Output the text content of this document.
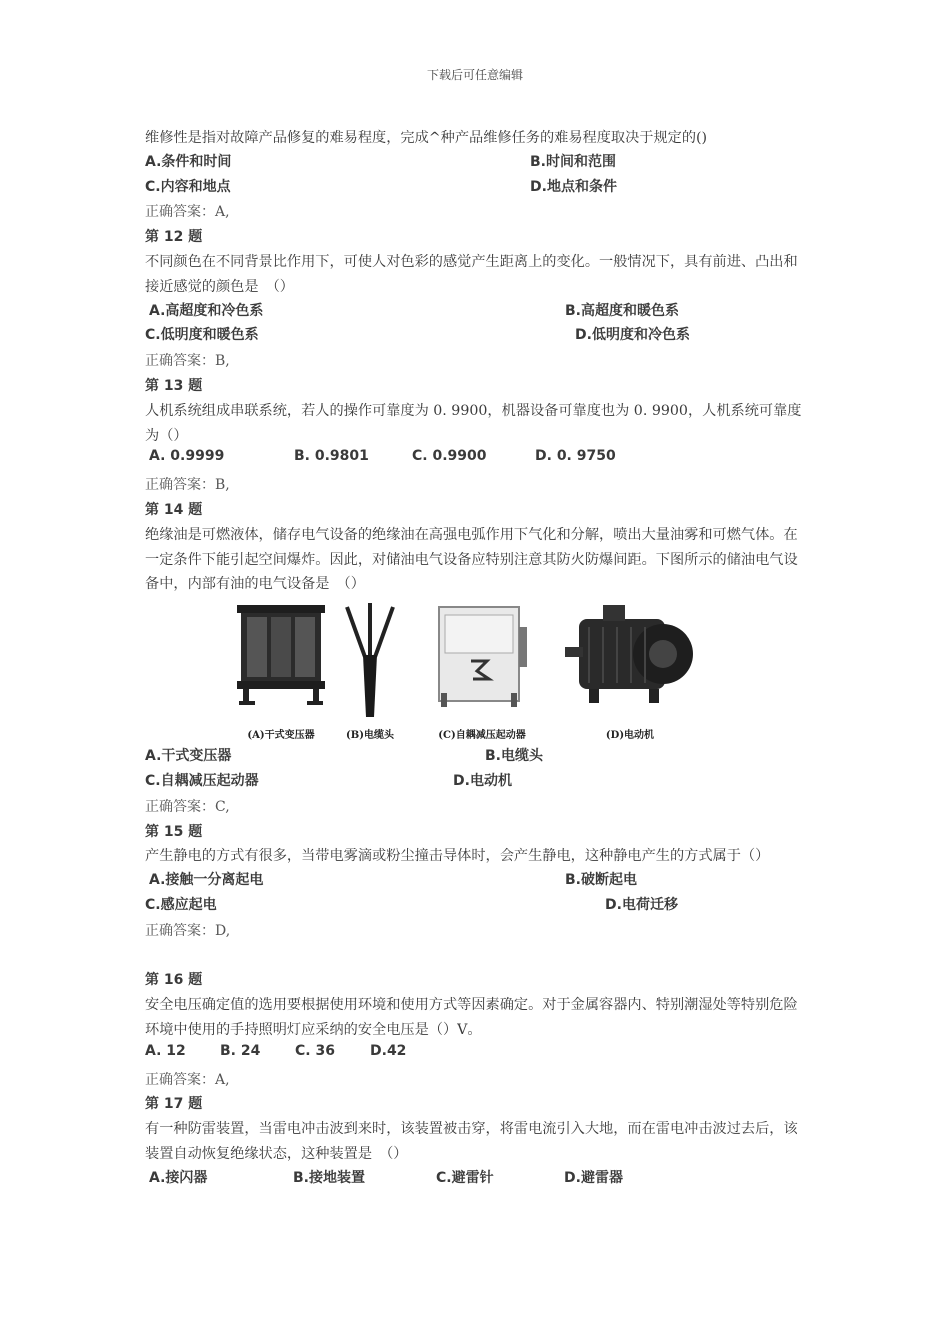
下载后可任意编辑

维修性是指对故障产品修复的难易程度，完成^种产品维修任务的难易程度取决于规定的()

A.条件和时间	B.时间和范围
C.内容和地点	D.地点和条件

正确答案：A,

第 12 题

不同颜色在不同背景比作用下，可使人对色彩的感觉产生距离上的变化。一般情况下，具有前进、凸出和接近感觉的颜色是　（）

A.高超度和冷色系	B.高超度和暖色系
C.低明度和暖色系	D.低明度和冷色系

正确答案：B,

第 13 题

人机系统组成串联系统，若人的操作可靠度为 0. 9900，机器设备可靠度也为 0. 9900，人机系统可靠度为（）

A. 0.9999	B. 0.9801	C. 0.9900	D. 0. 9750

正确答案：B,

第 14 题

绝缘油是可燃液体，储存电气设备的绝缘油在高强电弧作用下气化和分解，喷出大量油雾和可燃气体。在一定条件下能引起空间爆炸。因此，对储油电气设备应特别注意其防火防爆间距。下图所示的储油电气设备中，内部有油的电气设备是　（）

(A)干式变压器	(B)电缆头	(C)自耦减压起动器	(D)电动机
A.干式变压器	B.电缆头
C.自耦减压起动器	D.电动机

正确答案：C,

第 15 题

产生静电的方式有很多，当带电雾滴或粉尘撞击导体时，会产生静电，这种静电产生的方式属于（）

A.接触一分离起电	B.破断起电
C.感应起电	D.电荷迁移

正确答案：D,

第 16 题

安全电压确定值的选用要根据使用环境和使用方式等因素确定。对于金属容器内、特别潮湿处等特别危险环境中使用的手持照明灯应采纳的安全电压是（）V。

A. 12 B. 24 C. 36	D.42

正确答案：A,

第 17 题

有一种防雷装置，当雷电冲击波到来时，该装置被击穿，将雷电流引入大地，而在雷电冲击波过去后，该装置自动恢复绝缘状态，这种装置是　（）

A.接闪器	B.接地装置	C.避雷针	D.避雷器
